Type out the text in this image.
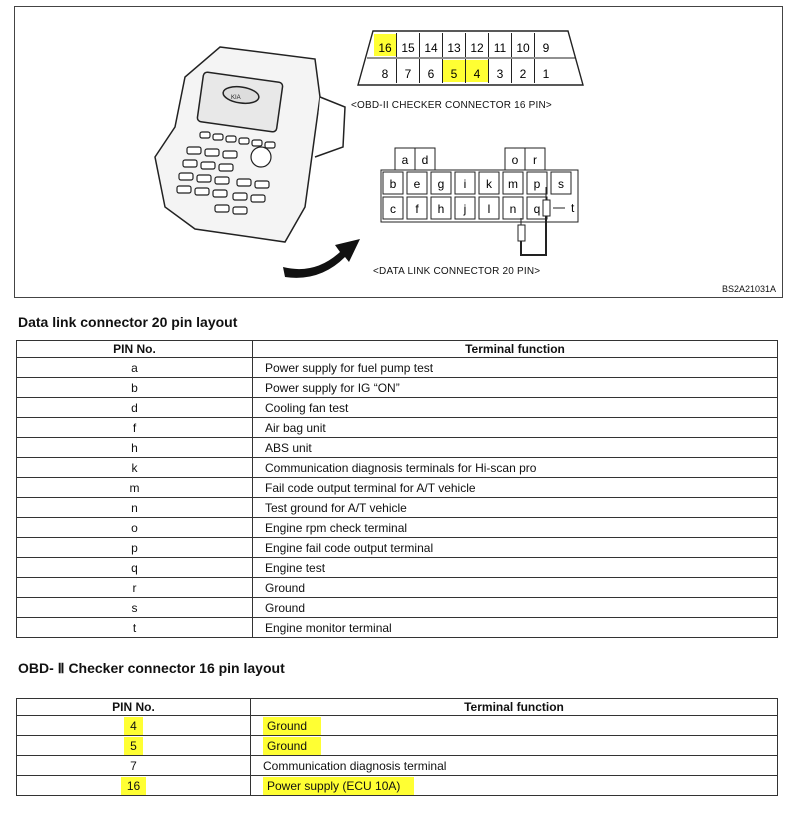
KIA
16 15 14 13 12 11 10 9
8 7 6 5 4 3 2 1
a d	o r
b e g i k m p s
c f h j l n q	t
<OBD-II CHECKER CONNECTOR 16 PIN>
<DATA LINK CONNECTOR 20 PIN>
BS2A21031A
Data link connector 20 pin layout
PIN No.	Terminal function
a	Power supply for fuel pump test
b	Power supply for IG “ON”
d	Cooling fan test
f	Air bag unit
h	ABS unit
k	Communication diagnosis terminals for Hi-scan pro
m	Fail code output terminal for A/T vehicle
n	Test ground for A/T vehicle
o	Engine rpm check terminal
p	Engine fail code output terminal
q	Engine test
r	Ground
s	Ground
t	Engine monitor terminal
OBD- Ⅱ Checker connector 16 pin layout
PIN No.	Terminal function
4	Ground
5	Ground
7	Communication diagnosis terminal
16	Power supply (ECU 10A)
